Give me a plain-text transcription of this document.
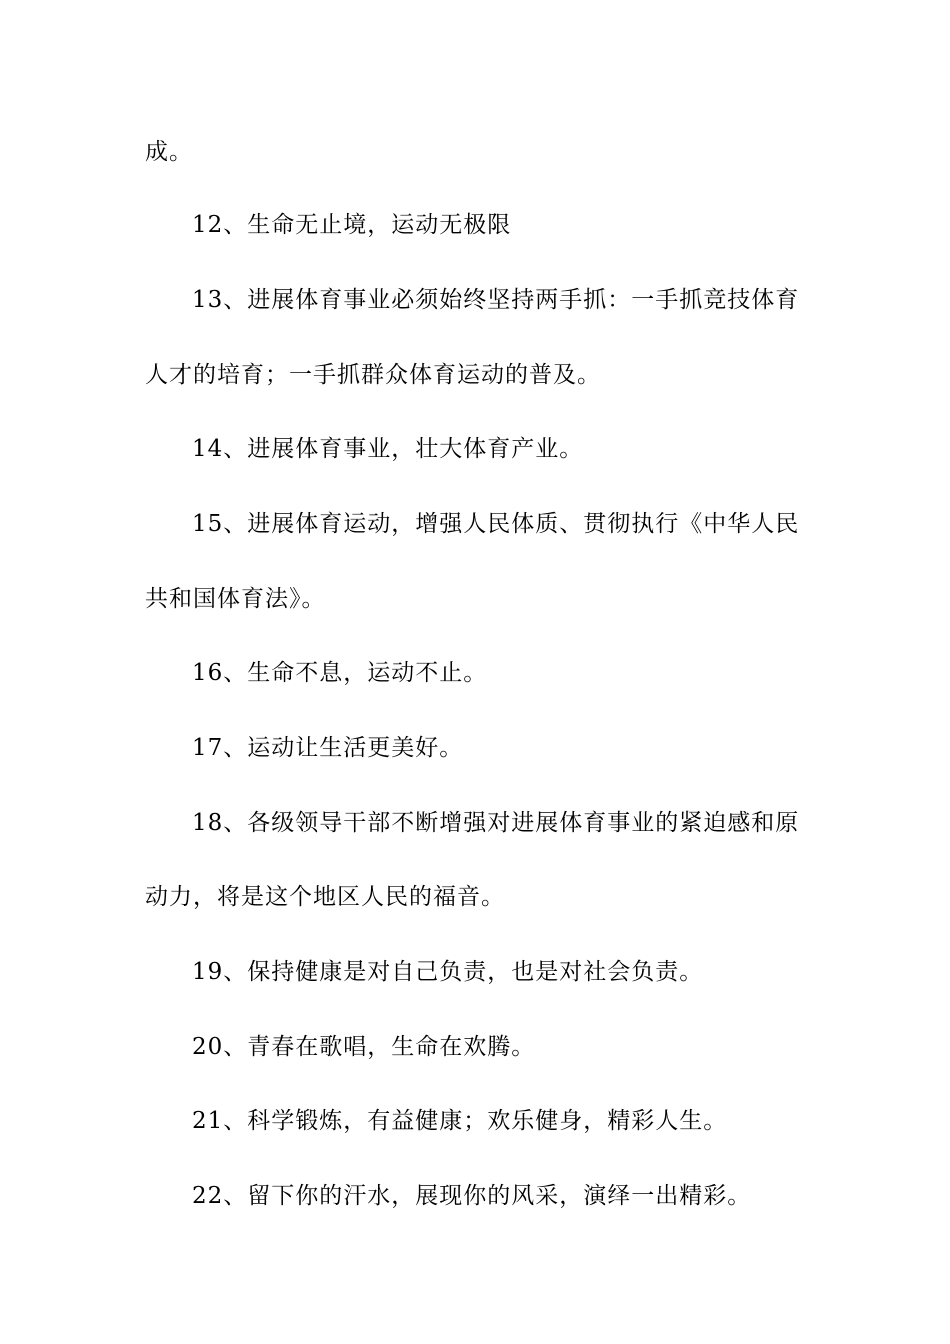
成。
12、生命无止境，运动无极限
13、进展体育事业必须始终坚持两手抓：一手抓竞技体育
人才的培育；一手抓群众体育运动的普及。
14、进展体育事业，壮大体育产业。
15、进展体育运动，增强人民体质、贯彻执行《中华人民
共和国体育法》。
16、生命不息，运动不止。
17、运动让生活更美好。
18、各级领导干部不断增强对进展体育事业的紧迫感和原
动力，将是这个地区人民的福音。
19、保持健康是对自己负责，也是对社会负责。
20、青春在歌唱，生命在欢腾。
21、科学锻炼，有益健康；欢乐健身，精彩人生。
22、留下你的汗水，展现你的风采，演绎一出精彩。
